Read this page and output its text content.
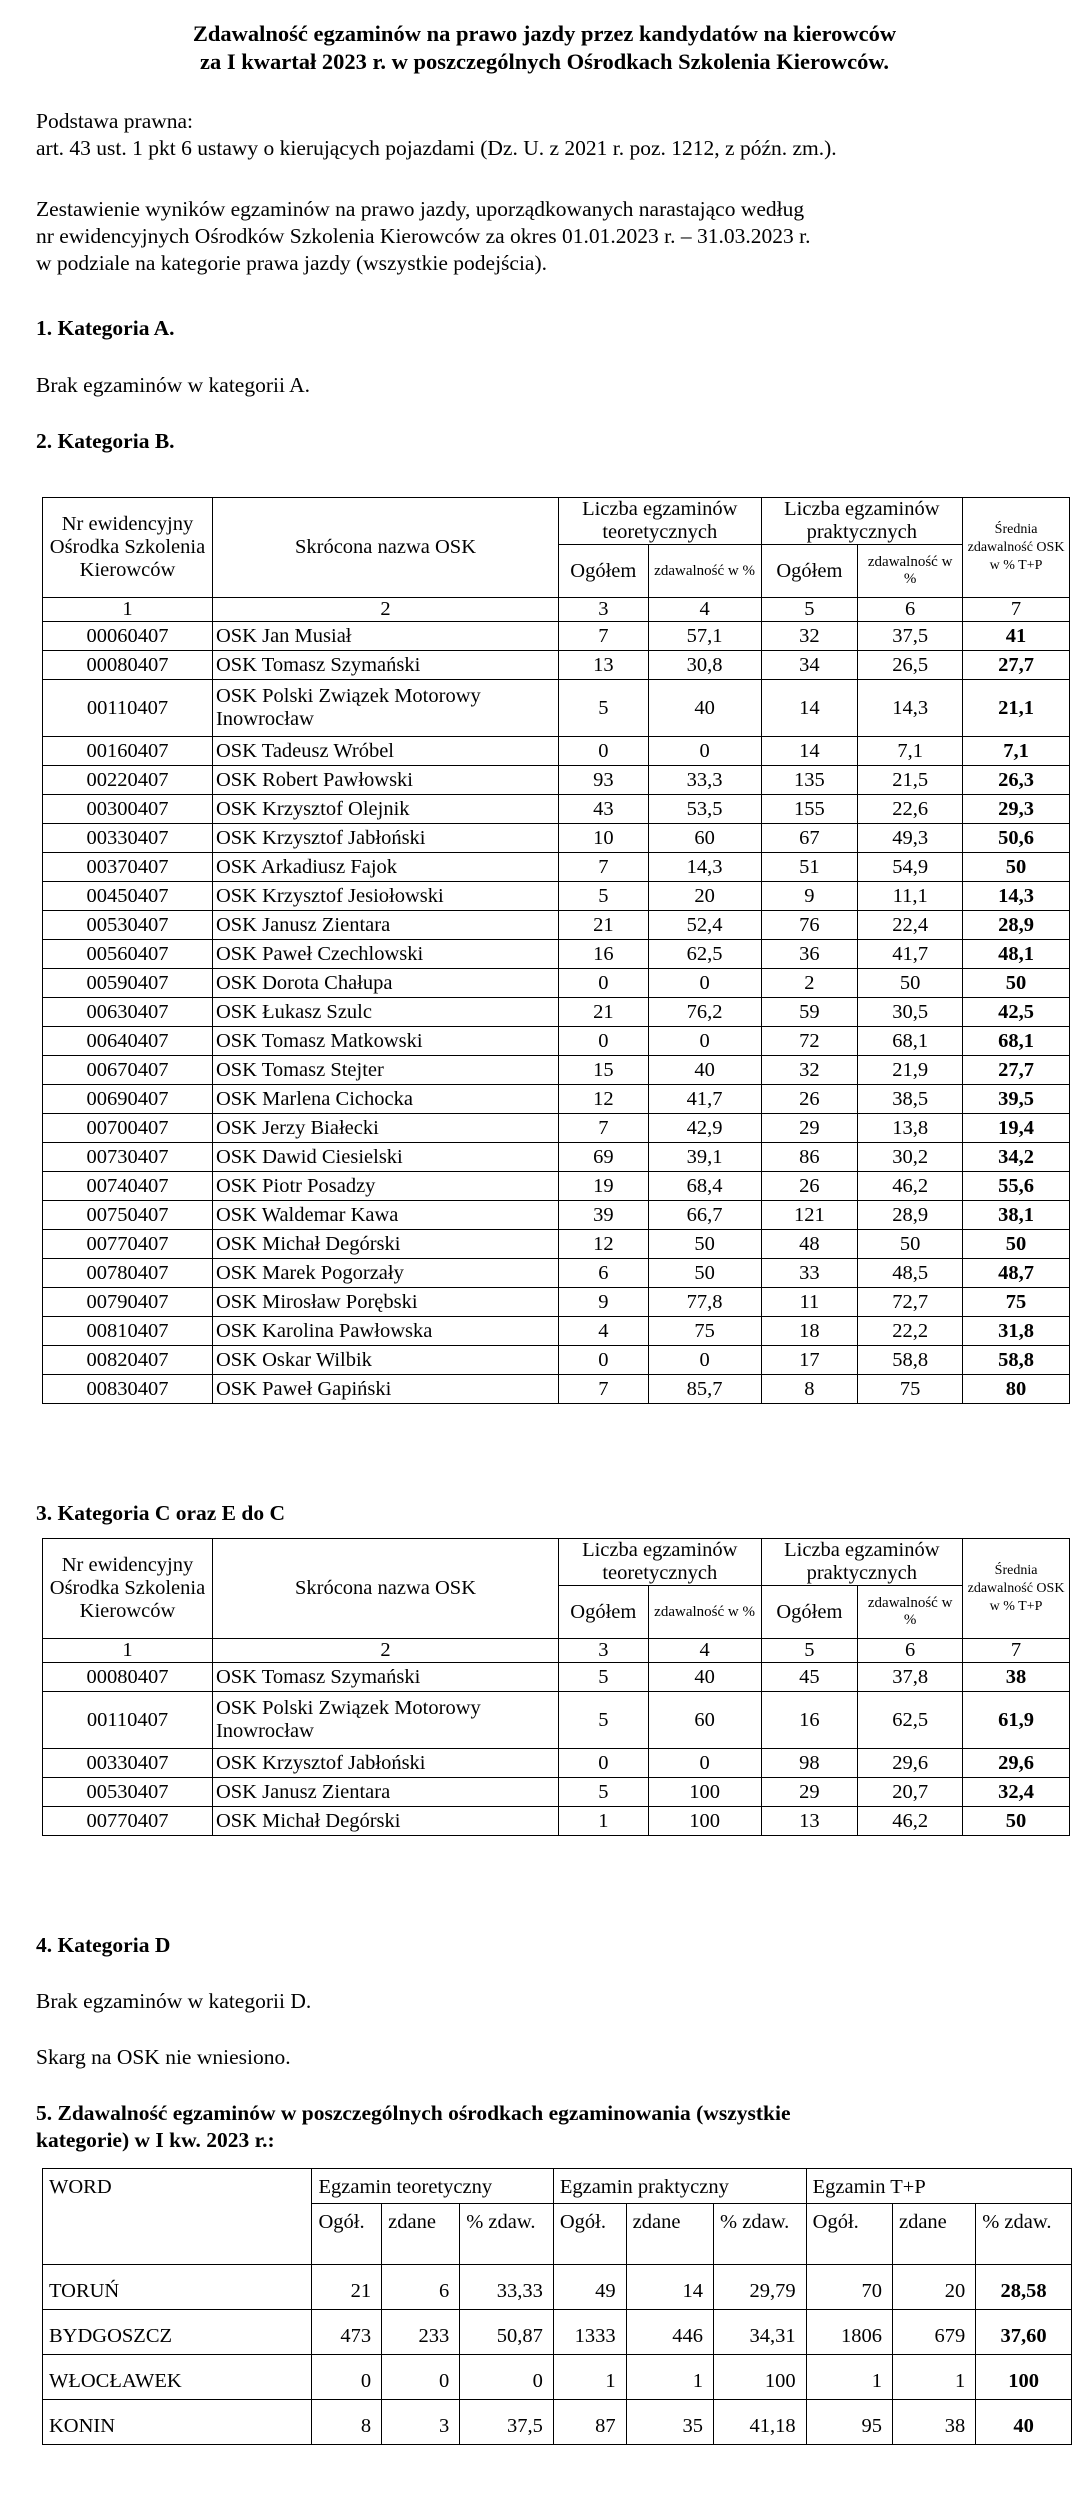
Zdawalność egzaminów na prawo jazdy przez kandydatów na kierowców
za I kwartał 2023 r. w poszczególnych Ośrodkach Szkolenia Kierowców.
Podstawa prawna:
art. 43 ust. 1 pkt 6 ustawy o kierujących pojazdami (Dz. U. z 2021 r. poz. 1212, z późn. zm.).
Zestawienie wyników egzaminów na prawo jazdy, uporządkowanych narastająco według
nr ewidencyjnych Ośrodków Szkolenia Kierowców za okres 01.01.2023 r. – 31.03.2023 r.
w podziale na kategorie prawa jazdy (wszystkie podejścia).
1. Kategoria A.
Brak egzaminów w kategorii A.
2. Kategoria B.
Nr ewidencyjny Ośrodka Szkolenia Kierowców	Skrócona nazwa OSK	Liczba egzaminów teoretycznych		Liczba egzaminów praktycznych		Średnia zdawalność OSK w % T+P
		Ogółem	zdawalność w %	Ogółem	zdawalność w %	
1	2	3	4	5	6	7
00060407	OSK Jan Musiał	7	57,1	32	37,5	41
00080407	OSK Tomasz Szymański	13	30,8	34	26,5	27,7
00110407	OSK Polski Związek Motorowy Inowrocław	5	40	14	14,3	21,1
00160407	OSK Tadeusz Wróbel	0	0	14	7,1	7,1
00220407	OSK Robert Pawłowski	93	33,3	135	21,5	26,3
00300407	OSK Krzysztof Olejnik	43	53,5	155	22,6	29,3
00330407	OSK Krzysztof Jabłoński	10	60	67	49,3	50,6
00370407	OSK Arkadiusz Fajok	7	14,3	51	54,9	50
00450407	OSK Krzysztof Jesiołowski	5	20	9	11,1	14,3
00530407	OSK Janusz Zientara	21	52,4	76	22,4	28,9
00560407	OSK Paweł Czechlowski	16	62,5	36	41,7	48,1
00590407	OSK Dorota Chałupa	0	0	2	50	50
00630407	OSK Łukasz Szulc	21	76,2	59	30,5	42,5
00640407	OSK Tomasz Matkowski	0	0	72	68,1	68,1
00670407	OSK Tomasz Stejter	15	40	32	21,9	27,7
00690407	OSK Marlena Cichocka	12	41,7	26	38,5	39,5
00700407	OSK Jerzy Białecki	7	42,9	29	13,8	19,4
00730407	OSK Dawid Ciesielski	69	39,1	86	30,2	34,2
00740407	OSK Piotr Posadzy	19	68,4	26	46,2	55,6
00750407	OSK Waldemar Kawa	39	66,7	121	28,9	38,1
00770407	OSK Michał Degórski	12	50	48	50	50
00780407	OSK Marek Pogorzały	6	50	33	48,5	48,7
00790407	OSK Mirosław Porębski	9	77,8	11	72,7	75
00810407	OSK Karolina Pawłowska	4	75	18	22,2	31,8
00820407	OSK Oskar Wilbik	0	0	17	58,8	58,8
00830407	OSK Paweł Gapiński	7	85,7	8	75	80
3. Kategoria C oraz E do C
Nr ewidencyjny Ośrodka Szkolenia Kierowców	Skrócona nazwa OSK	Liczba egzaminów teoretycznych		Liczba egzaminów praktycznych		Średnia zdawalność OSK w % T+P
		Ogółem	zdawalność w %	Ogółem	zdawalność w %	
1	2	3	4	5	6	7
00080407	OSK Tomasz Szymański	5	40	45	37,8	38
00110407	OSK Polski Związek Motorowy Inowrocław	5	60	16	62,5	61,9
00330407	OSK Krzysztof Jabłoński	0	0	98	29,6	29,6
00530407	OSK Janusz Zientara	5	100	29	20,7	32,4
00770407	OSK Michał Degórski	1	100	13	46,2	50
4. Kategoria D
Brak egzaminów w kategorii D.
Skarg na OSK nie wniesiono.
5. Zdawalność egzaminów w poszczególnych ośrodkach egzaminowania (wszystkie
kategorie) w I kw. 2023 r.:
WORD	Egzamin teoretyczny			Egzamin praktyczny			Egzamin T+P		
	Ogół.	zdane	% zdaw.	Ogół.	zdane	% zdaw.	Ogół.	zdane	% zdaw.
TORUŃ	21	6	33,33	49	14	29,79	70	20	28,58
BYDGOSZCZ	473	233	50,87	1333	446	34,31	1806	679	37,60
WŁOCŁAWEK	0	0	0	1	1	100	1	1	100
KONIN	8	3	37,5	87	35	41,18	95	38	40
